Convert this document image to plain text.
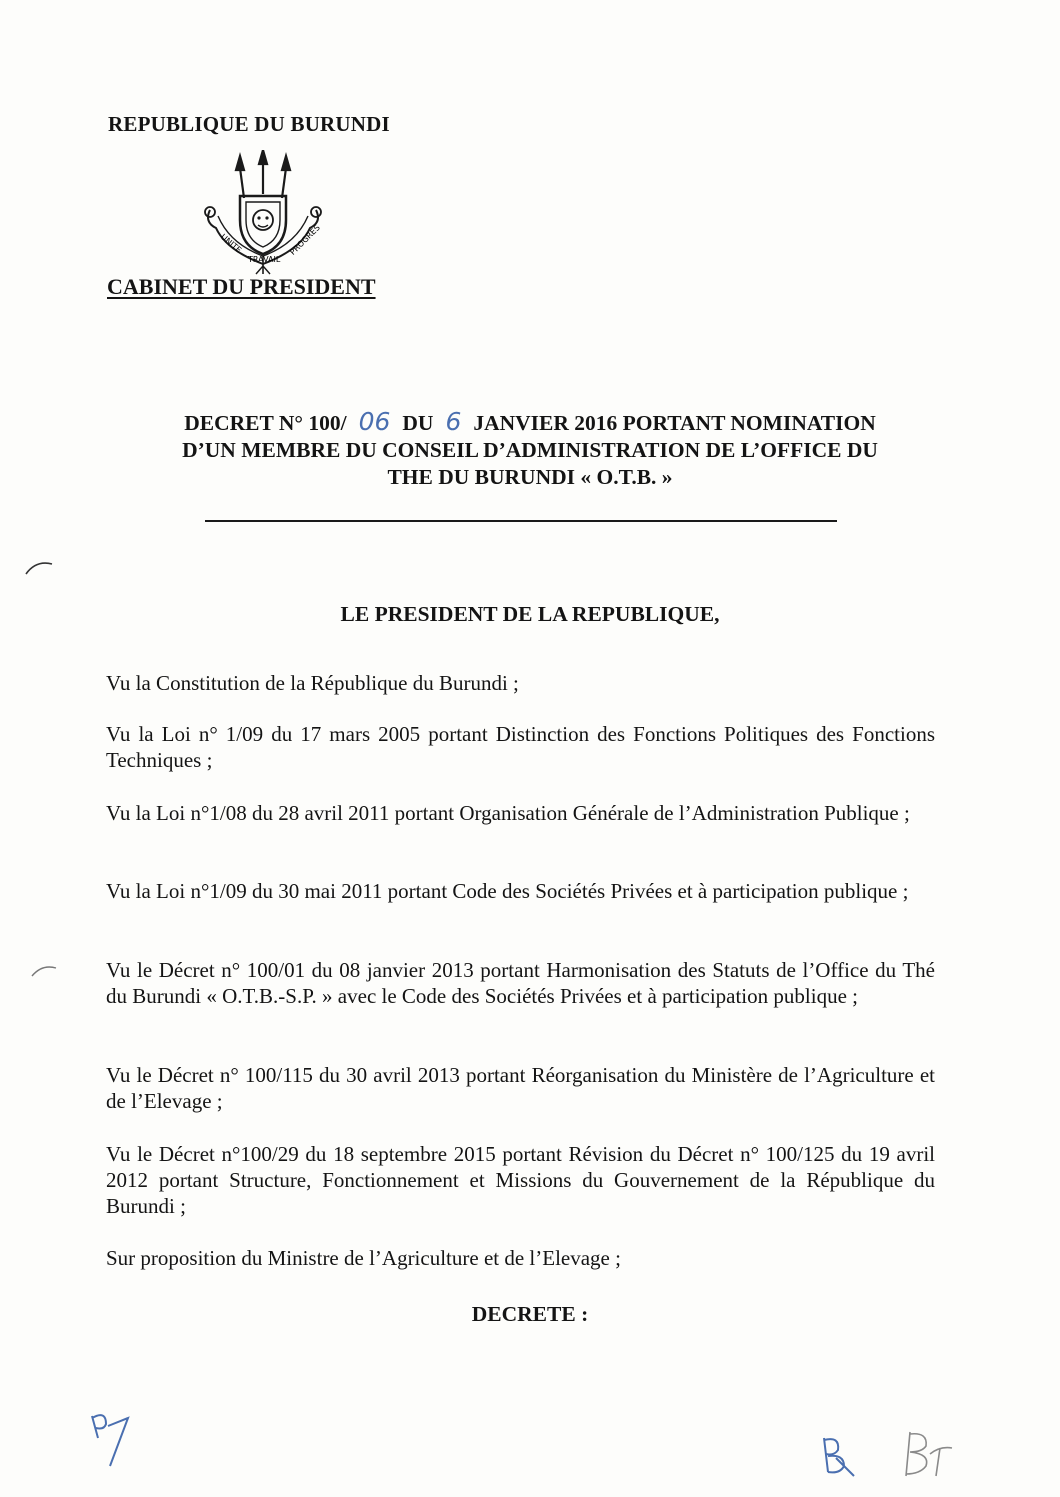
REPUBLIQUE DU BURUNDI
UNITE
TRAVAIL
PROGRES
CABINET DU PRESIDENT
DECRET N° 100/ 06 DU 6 JANVIER 2016 PORTANT NOMINATION
D’UN MEMBRE DU CONSEIL D’ADMINISTRATION DE L’OFFICE DU
THE DU BURUNDI « O.T.B. »
LE PRESIDENT DE LA REPUBLIQUE,
Vu la Constitution de la République du Burundi ;
Vu la Loi n° 1/09 du 17 mars 2005 portant Distinction des Fonctions Politiques des Fonctions Techniques ;
Vu la Loi n°1/08 du 28 avril 2011 portant Organisation Générale de l’Administration Publique ;
Vu la Loi n°1/09 du 30 mai 2011 portant Code des Sociétés Privées et à participation publique ;
Vu le Décret n° 100/01 du 08 janvier 2013 portant Harmonisation des Statuts de l’Office du Thé du Burundi « O.T.B.-S.P. » avec le Code des Sociétés Privées et à participation publique ;
Vu le Décret n° 100/115 du 30 avril 2013 portant Réorganisation du Ministère de l’Agriculture et de l’Elevage ;
Vu le Décret n°100/29 du 18 septembre 2015 portant Révision du Décret n° 100/125 du 19 avril 2012 portant Structure, Fonctionnement et Missions du Gouvernement de la République du Burundi ;
Sur proposition du Ministre de l’Agriculture et de l’Elevage ;
DECRETE :
